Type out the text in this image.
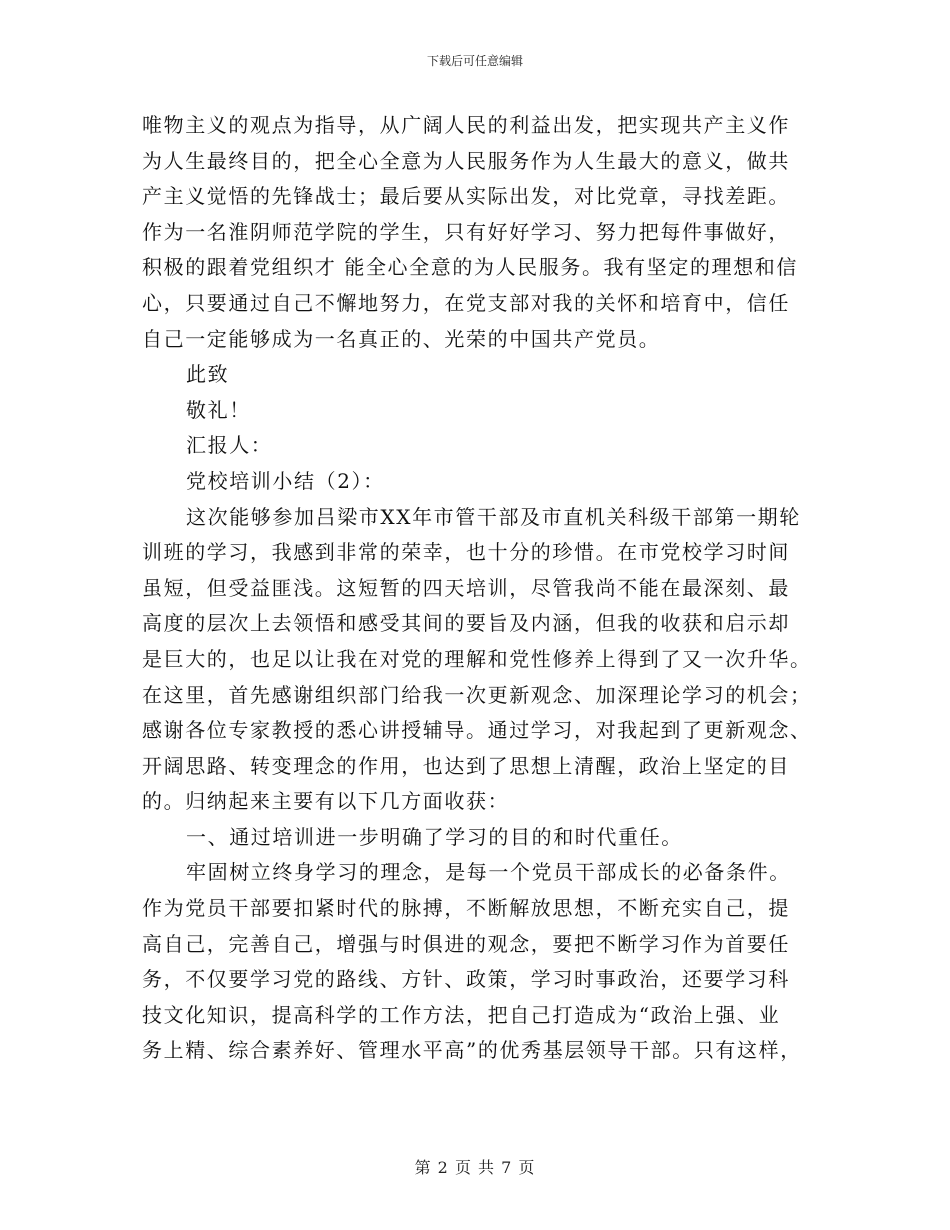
下载后可任意编辑
唯物主义的观点为指导，从广阔人民的利益出发，把实现共产主义作
为人生最终目的，把全心全意为人民服务作为人生最大的意义，做共
产主义觉悟的先锋战士；最后要从实际出发，对比党章，寻找差距。
作为一名淮阴师范学院的学生，只有好好学习、努力把每件事做好，
积极的跟着党组织才 能全心全意的为人民服务。我有坚定的理想和信
心，只要通过自己不懈地努力，在党支部对我的关怀和培育中，信任
自己一定能够成为一名真正的、光荣的中国共产党员。
此致
敬礼！
汇报人：
党校培训小结（2）：
这次能够参加吕梁市XX年市管干部及市直机关科级干部第一期轮
训班的学习，我感到非常的荣幸，也十分的珍惜。在市党校学习时间
虽短，但受益匪浅。这短暂的四天培训，尽管我尚不能在最深刻、最
高度的层次上去领悟和感受其间的要旨及内涵，但我的收获和启示却
是巨大的，也足以让我在对党的理解和党性修养上得到了又一次升华。
在这里，首先感谢组织部门给我一次更新观念、加深理论学习的机会；
感谢各位专家教授的悉心讲授辅导。通过学习，对我起到了更新观念、
开阔思路、转变理念的作用，也达到了思想上清醒，政治上坚定的目
的。归纳起来主要有以下几方面收获：
一、通过培训进一步明确了学习的目的和时代重任。
牢固树立终身学习的理念，是每一个党员干部成长的必备条件。
作为党员干部要扣紧时代的脉搏，不断解放思想，不断充实自己，提
高自己，完善自己，增强与时俱进的观念，要把不断学习作为首要任
务，不仅要学习党的路线、方针、政策，学习时事政治，还要学习科
技文化知识，提高科学的工作方法，把自己打造成为“政治上强、业
务上精、综合素养好、管理水平高”的优秀基层领导干部。只有这样，
第 2 页 共 7 页
